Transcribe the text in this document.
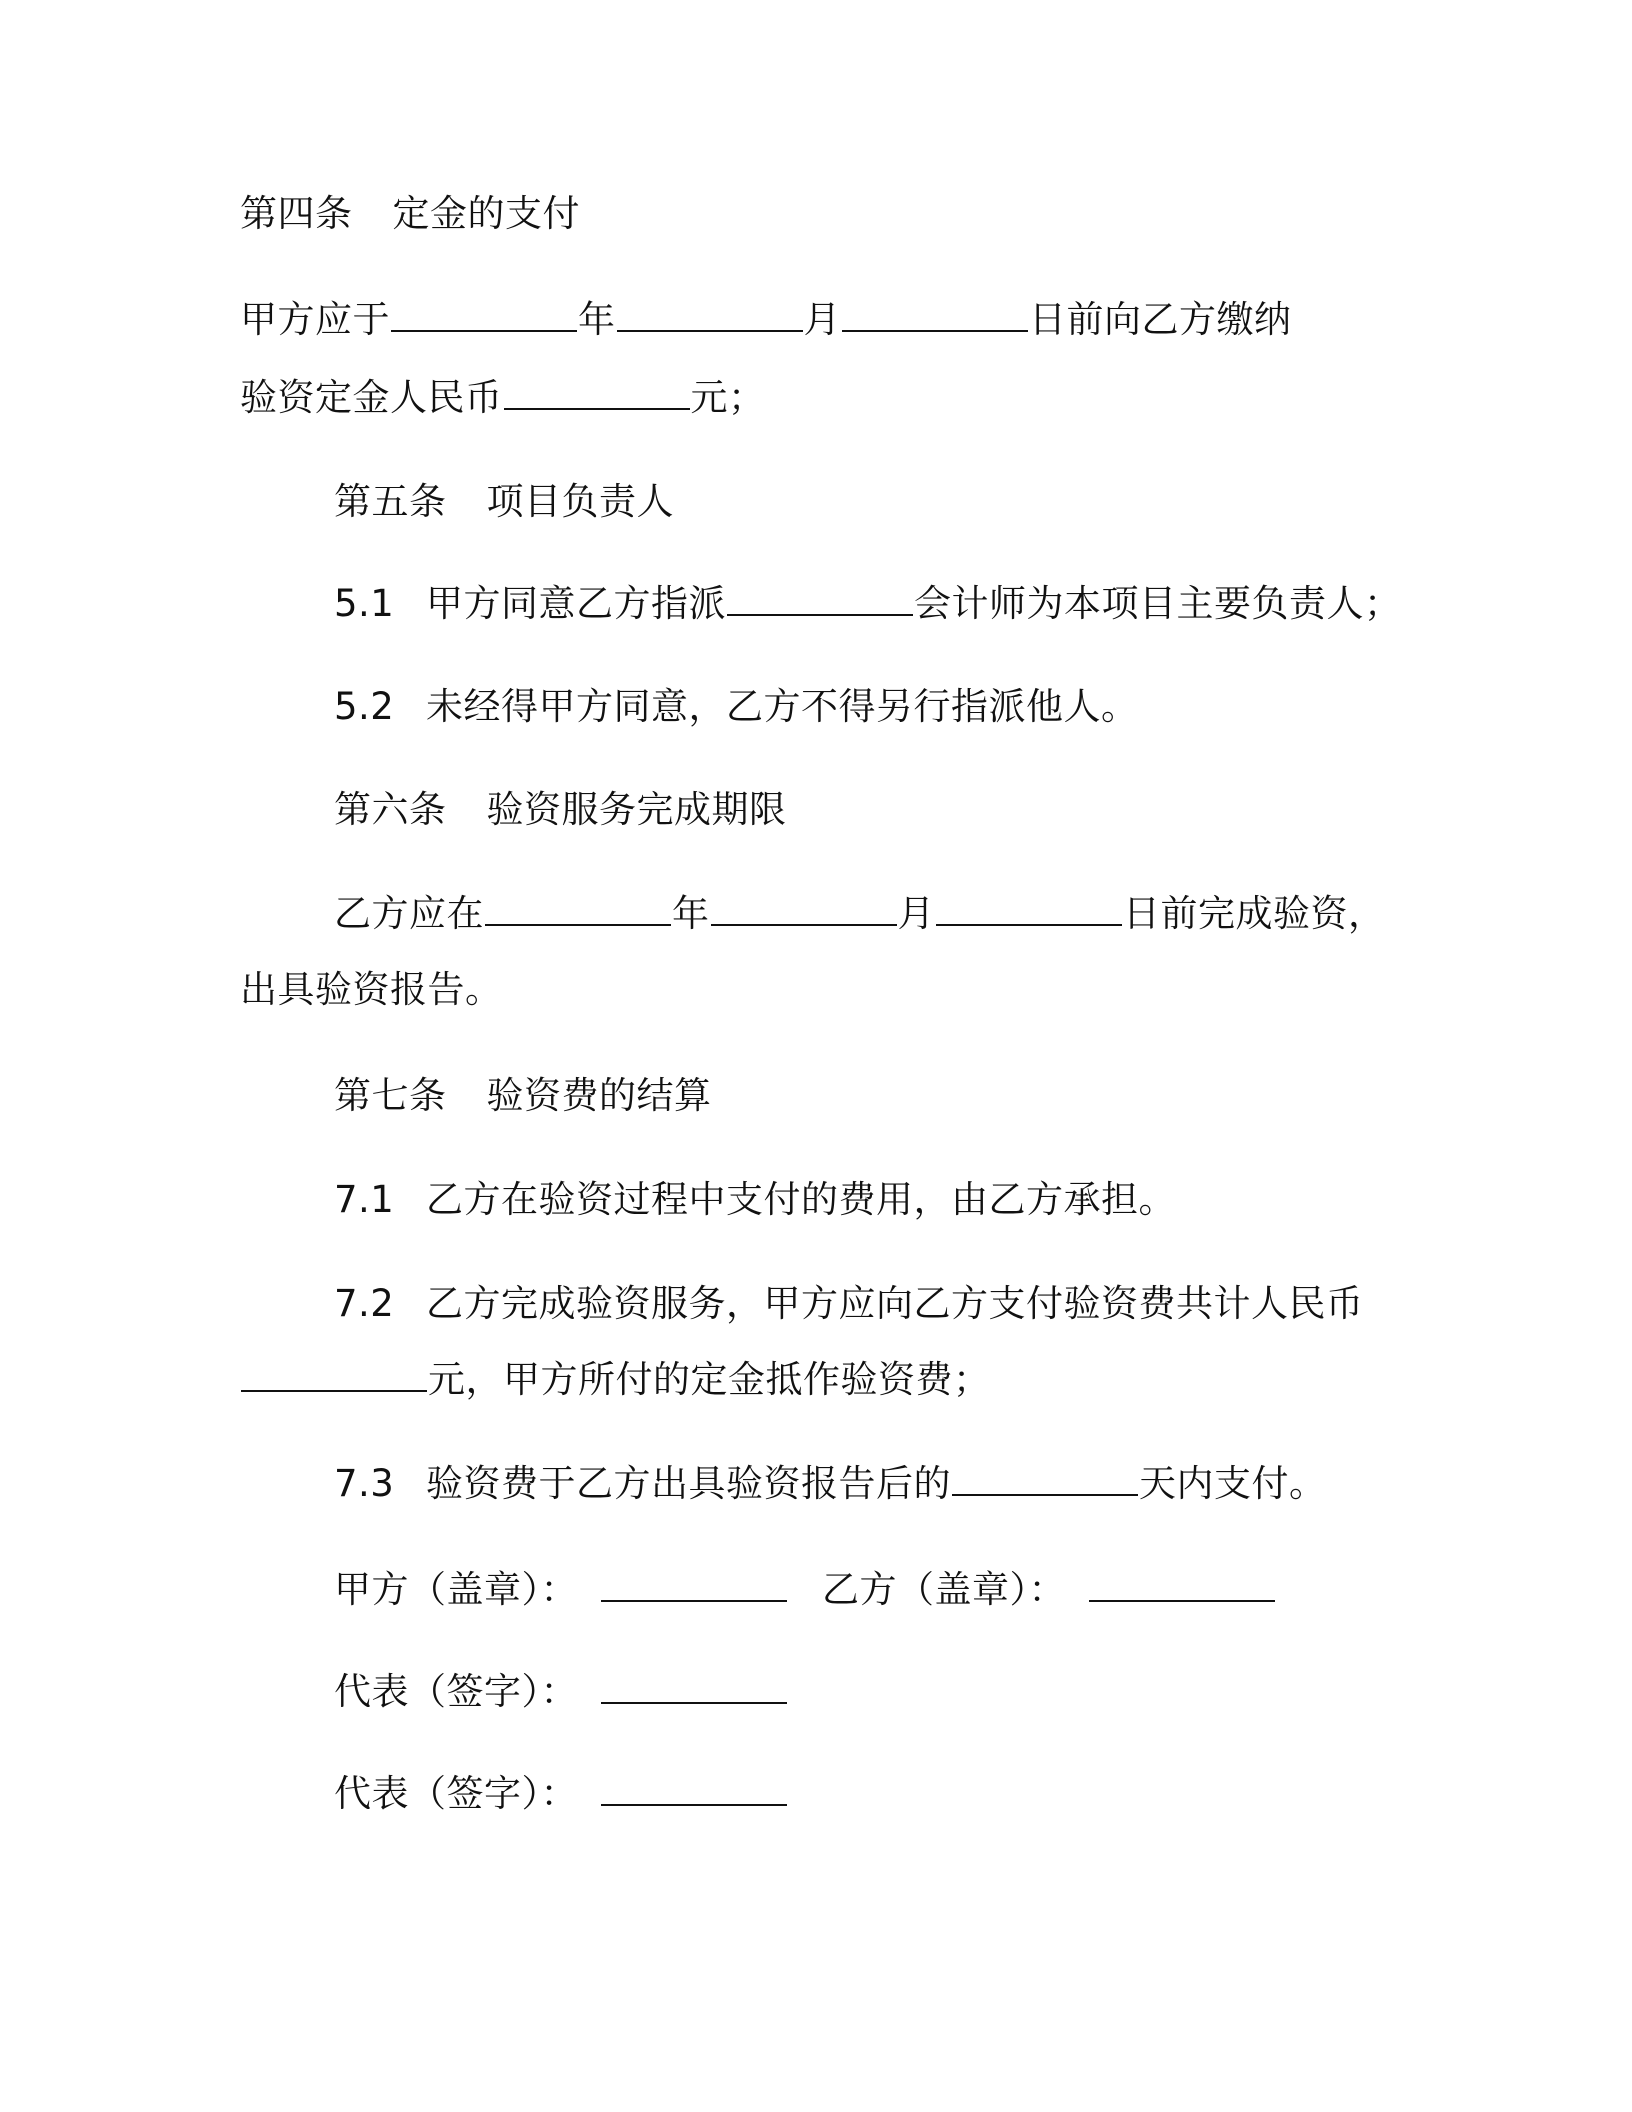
第四条 定金的支付
甲方应于	年	月	日前向乙方缴纳
验资定金人民币	元；
第五条 项目负责人
5.1 甲方同意乙方指派	会计师为本项目主要负责人；
5.2 未经得甲方同意，乙方不得另行指派他人。
第六条 验资服务完成期限
乙方应在	年	月	日前完成验资，
出具验资报告。
第七条 验资费的结算
7.1 乙方在验资过程中支付的费用，由乙方承担。
7.2 乙方完成验资服务，甲方应向乙方支付验资费共计人民币
元，甲方所付的定金抵作验资费；
7.3 验资费于乙方出具验资报告后的	天内支付。
甲方（盖章）：	乙方（盖章）：
代表（签字）：
代表（签字）：
